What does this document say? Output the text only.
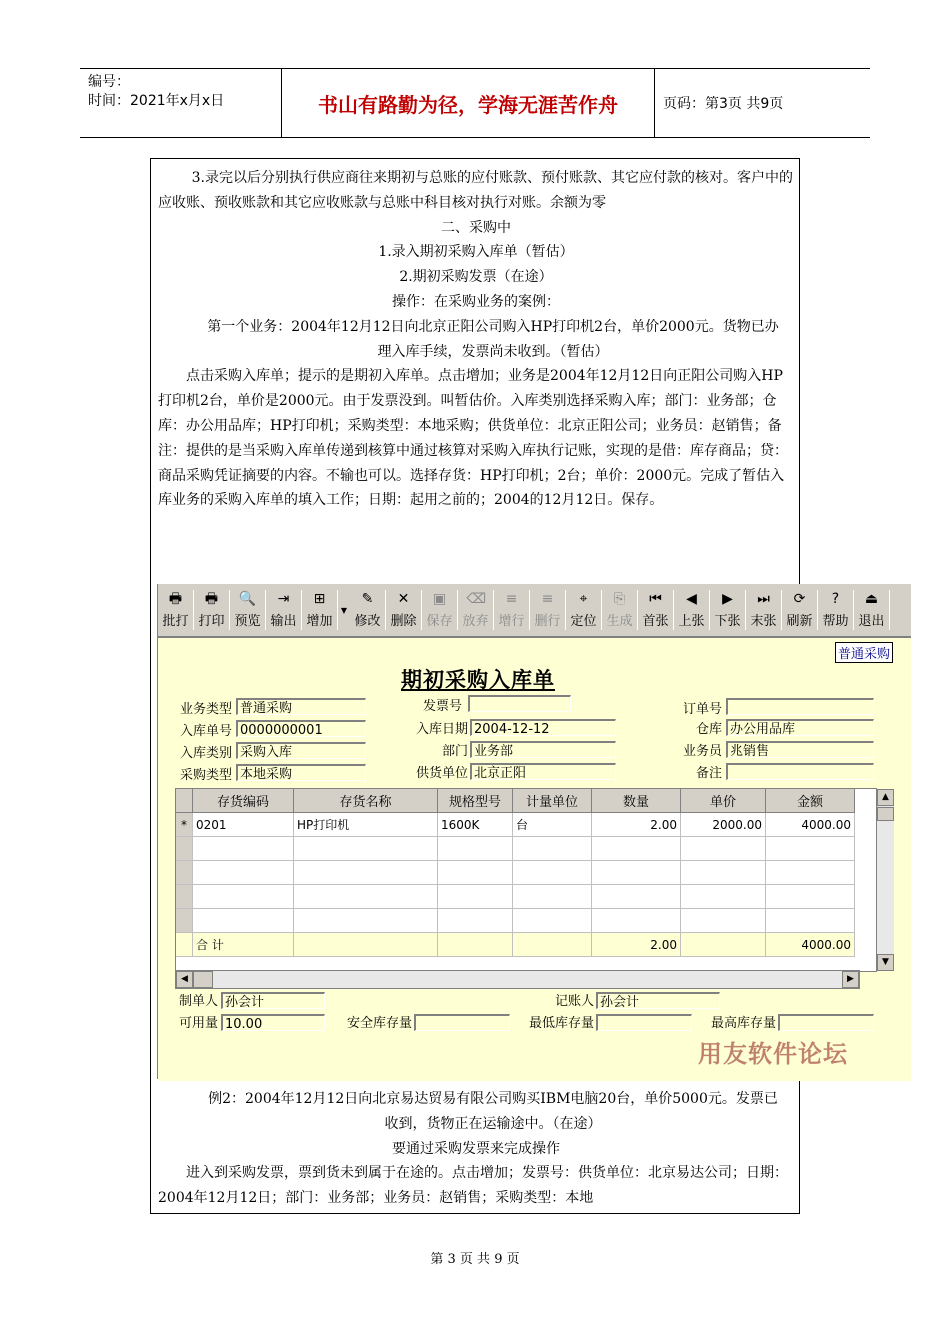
编号：
时间：2021年x月x日	书山有路勤为径，学海无涯苦作舟	页码：第3页 共9页

3.录完以后分别执行供应商往来期初与总账的应付账款、预付账款、其它应付款的核对。客户中的应收账、预收账款和其它应收账款与总账中科目核对执行对账。余额为零

二、采购中

1.录入期初采购入库单（暂估）

2.期初采购发票（在途）

操作：在采购业务的案例：

第一个业务：2004年12月12日向北京正阳公司购入HP打印机2台，单价2000元。货物已办理入库手续，发票尚未收到。（暂估）

点击采购入库单；提示的是期初入库单。点击增加；业务是2004年12月12日向正阳公司购入HP打印机2台，单价是2000元。由于发票没到。叫暂估价。入库类别选择采购入库；部门：业务部；仓库：办公用品库；HP打印机；采购类型：本地采购；供货单位：北京正阳公司；业务员：赵销售；备注：提供的是当采购入库单传递到核算中通过核算对采购入库执行记账，实现的是借：库存商品；贷：商品采购凭证摘要的内容。不输也可以。选择存货：HP打印机；2台；单价：2000元。完成了暂估入库业务的采购入库单的填入工作；日期：起用之前的；2004的12月12日。保存。

🖶
批打
🖶
打印
🔍
预览
⇥
输出
⊞
增加
▼
✎
修改
✕
删除
▣
保存
⌫
放弃
≡
增行
≡
删行
⌖
定位
⎘
生成
⏮
首张
◀
上张
▶
下张
⏭
末张
⟳
刷新
?
帮助
⏏
退出
普通采购
期初采购入库单
业务类型 普通采购	发票号	订单号
入库单号 0000000001	入库日期 2004-12-12	仓库 办公用品库
入库类别 采购入库	部门 业务部	业务员 兆销售
采购类型 本地采购	供货单位 北京正阳	备注
	存货编码	存货名称	规格型号	计量单位	数量	单价	金额
*	0201	HP打印机	1600K	台	2.00	2000.00	4000.00

	合 计				2.00		4000.00
▲
▼
◀	▶
制单人 孙会计	记账人 孙会计
可用量 10.00	安全库存量	最低库存量	最高库存量
用友软件论坛

例2：2004年12月12日向北京易达贸易有限公司购买IBM电脑20台，单价5000元。发票已收到，货物正在运输途中。（在途）

要通过采购发票来完成操作

进入到采购发票，票到货未到属于在途的。点击增加；发票号：供货单位：北京易达公司；日期：2004年12月12日；部门：业务部；业务员：赵销售；采购类型：本地

第 3 页 共 9 页
